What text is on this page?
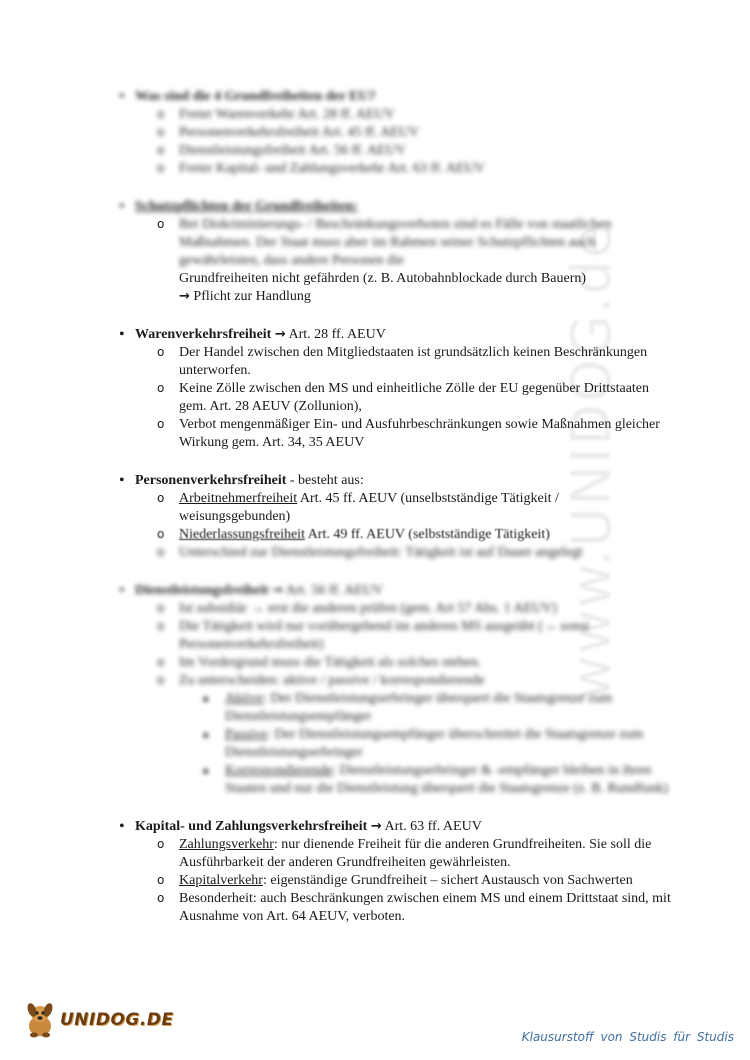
www.UNIDOG.de
• Was sind die 4 Grundfreiheiten der EU?
o Freier Warenverkehr Art. 28 ff. AEUV
o Personenverkehrsfreiheit Art. 45 ff. AEUV
o Dienstleistungsfreiheit Art. 56 ff. AEUV
o Freier Kapital- und Zahlungsverkehr Art. 63 ff. AEUV
• Schutzpflichten der Grundfreiheiten:
o Bei Diskriminierungs- / Beschränkungsverboten sind es Fälle von staatlichen Maßnahmen. Der Staat muss aber im Rahmen seiner Schutzpflichten auch gewährleisten, dass andere Personen die
Grundfreiheiten nicht gefährden (z. B. Autobahnblockade durch Bauern)
→ Pflicht zur Handlung
• Warenverkehrsfreiheit → Art. 28 ff. AEUV
o Der Handel zwischen den Mitgliedstaaten ist grundsätzlich keinen Beschränkungen unterworfen.
o Keine Zölle zwischen den MS und einheitliche Zölle der EU gegenüber Drittstaaten gem. Art. 28 AEUV (Zollunion),
o Verbot mengenmäßiger Ein- und Ausfuhrbeschränkungen sowie Maßnahmen gleicher Wirkung gem. Art. 34, 35 AEUV
• Personenverkehrsfreiheit - besteht aus:
o Arbeitnehmerfreiheit Art. 45 ff. AEUV (unselbstständige Tätigkeit / weisungsgebunden)
o Niederlassungsfreiheit Art. 49 ff. AEUV (selbstständige Tätigkeit)
o Unterschied zur Dienstleistungsfreiheit: Tätigkeit ist auf Dauer angelegt
• Dienstleistungsfreiheit → Art. 56 ff. AEUV
o Ist subsidiär → erst die anderen prüfen (gem. Art 57 Abs. 1 AEUV)
o Die Tätigkeit wird nur vorübergehend im anderen MS ausgeübt (→ sonst Personenverkehrsfreiheit)
o Im Vordergrund muss die Tätigkeit als solches stehen.
o Zu unterscheiden: aktive / passive / korrespondierende
■ Aktive: Der Dienstleistungserbringer überquert die Staatsgrenze zum Dienstleistungsempfänger
■ Passive: Der Dienstleistungsempfänger überschreitet die Staatsgrenze zum Dienstleistungserbringer
■ Korrespondierende: Dienstleistungserbringer & -empfänger bleiben in ihren Staaten und nur die Dienstleistung überquert die Staatsgrenze (z. B. Rundfunk)
• Kapital- und Zahlungsverkehrsfreiheit → Art. 63 ff. AEUV
o Zahlungsverkehr: nur dienende Freiheit für die anderen Grundfreiheiten. Sie soll die Ausführbarkeit der anderen Grundfreiheiten gewährleisten.
o Kapitalverkehr: eigenständige Grundfreiheit – sichert Austausch von Sachwerten
o Besonderheit: auch Beschränkungen zwischen einem MS und einem Drittstaat sind, mit Ausnahme von Art. 64 AEUV, verboten.
UNIDOG.DE
Klausurstoff von Studis für Studis
